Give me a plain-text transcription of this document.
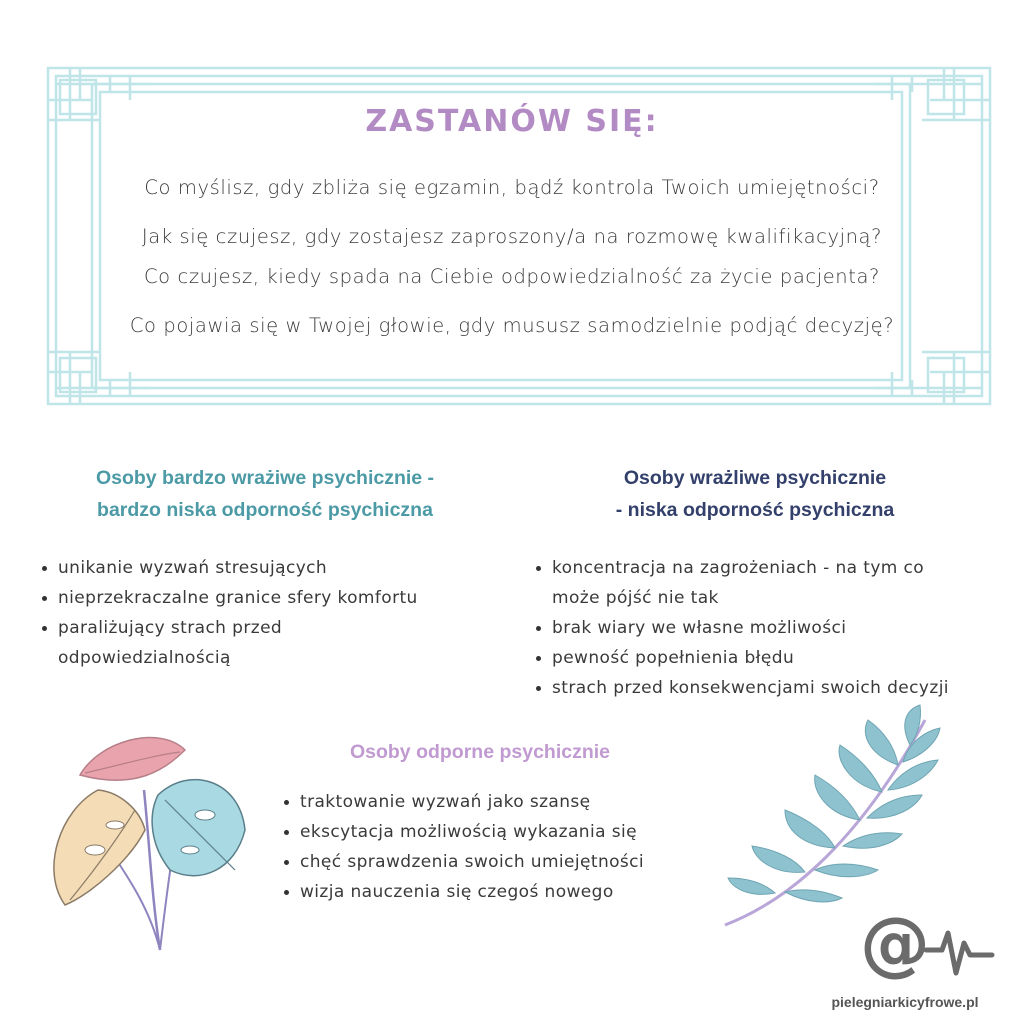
ZASTANÓW SIĘ:
Co myślisz, gdy zbliża się egzamin, bądź kontrola Twoich umiejętności?
Jak się czujesz, gdy zostajesz zaproszony/a na rozmowę kwalifikacyjną?
Co czujesz, kiedy spada na Ciebie odpowiedzialność za życie pacjenta?
Co pojawia się w Twojej głowie, gdy mususz samodzielnie podjąć decyzję?
Osoby bardzo wrażiwe psychicznie -
bardzo niska odporność psychiczna
unikanie wyzwań stresujących
nieprzekraczalne granice sfery komfortu
paraliżujący strach przed
odpowiedzialnością
Osoby wrażliwe psychicznie
- niska odporność psychiczna
koncentracja na zagrożeniach - na tym co
może pójść nie tak
brak wiary we własne możliwości
pewność popełnienia błędu
strach przed konsekwencjami swoich decyzji
Osoby odporne psychicznie
traktowanie wyzwań jako szansę
ekscytacja możliwością wykazania się
chęć sprawdzenia swoich umiejętności
wizja nauczenia się czegoś nowego
@
pielegniarkicyfrowe.pl
